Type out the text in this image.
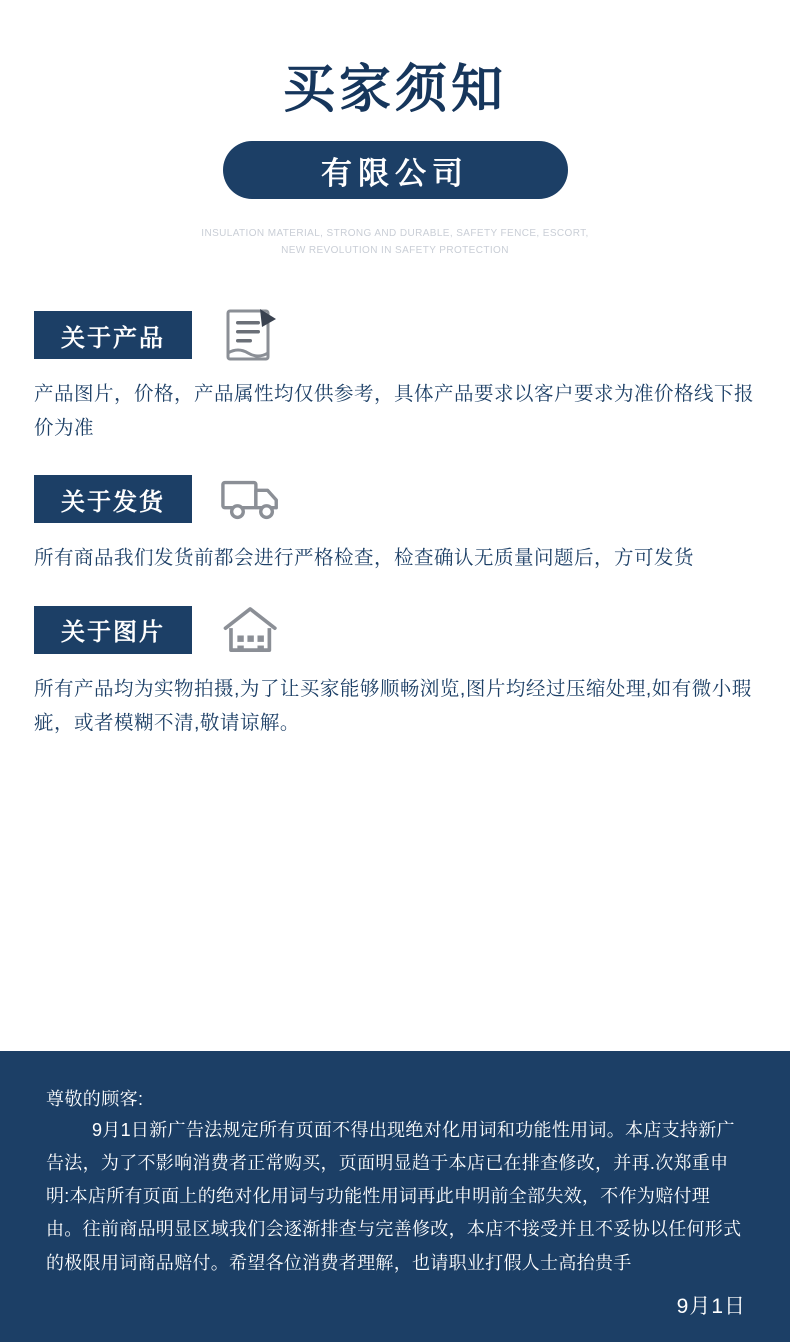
买家须知
有限公司
INSULATION MATERIAL, STRONG AND DURABLE, SAFETY FENCE, ESCORT,
NEW REVOLUTION IN SAFETY PROTECTION
关于产品
产品图片，价格，产品属性均仅供参考，具体产品要求以客户要求为准价格线下报价为准
关于发货
所有商品我们发货前都会进行严格检查，检查确认无质量问题后，方可发货
关于图片
所有产品均为实物拍摄,为了让买家能够顺畅浏览,图片均经过压缩处理,如有微小瑕疵，或者模糊不清,敬请谅解。
尊敬的顾客:
9月1日新广告法规定所有页面不得出现绝对化用词和功能性用词。本店支持新广告法，为了不影响消费者正常购买，页面明显趋于本店已在排查修改，并再.次郑重申明:本店所有页面上的绝对化用词与功能性用词再此申明前全部失效，不作为赔付理由。往前商品明显区域我们会逐渐排查与完善修改，本店不接受并且不妥协以任何形式的极限用词商品赔付。希望各位消费者理解，也请职业打假人士高抬贵手
9月1日
